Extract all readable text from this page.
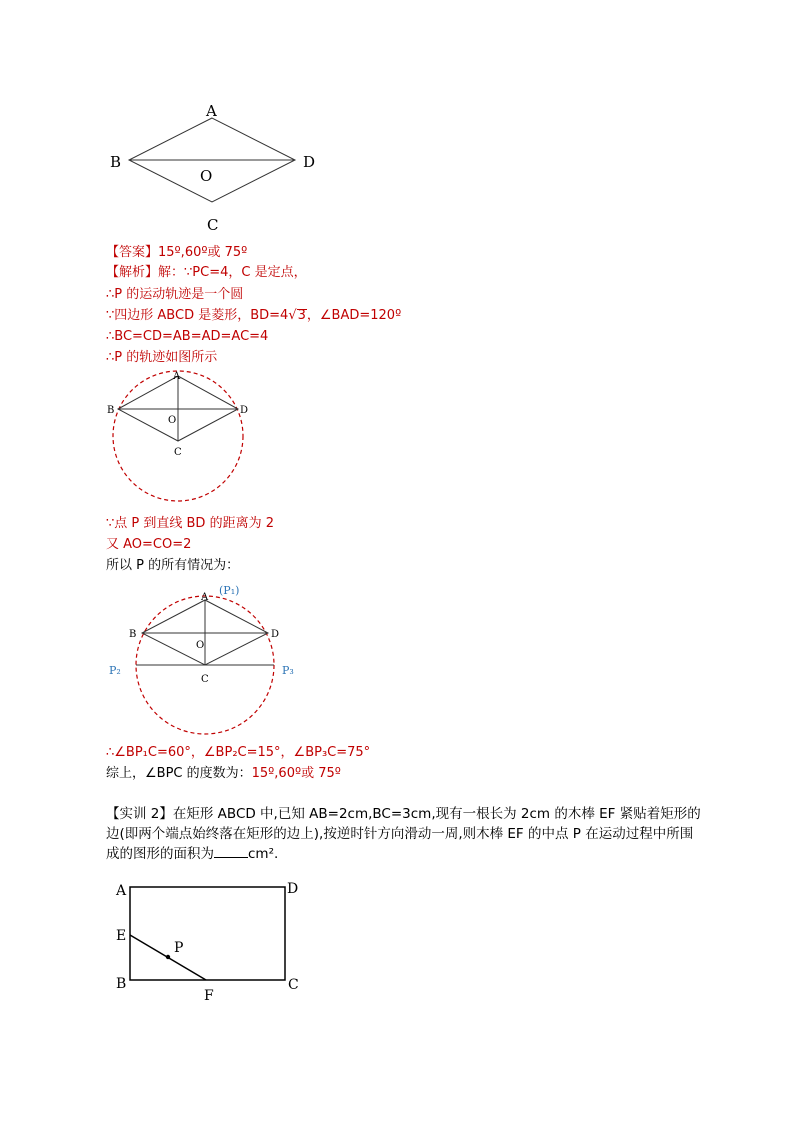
A
B	D
O
C
【答案】15º,60º或 75º
【解析】解：∵PC=4，C 是定点，
∴P 的运动轨迹是一个圆
∵四边形 ABCD 是菱形，BD=4√3，∠BAD=120º
∴BC=CD=AB=AD=AC=4
∴P 的轨迹如图所示
A
B	D
O
C
∵点 P 到直线 BD 的距离为 2
又 AO=CO=2
所以 P 的所有情况为：
A
(P₁)
B	D
O
P₂	P₃
C
∴∠BP₁C=60°，∠BP₂C=15°，∠BP₃C=75°
综上，∠BPC 的度数为：15º,60º或 75º
【实训 2】在矩形 ABCD 中,已知 AB=2cm,BC=3cm,现有一根长为 2cm 的木棒 EF 紧贴着矩形的边(即两个端点始终落在矩形的边上),按逆时针方向滑动一周,则木棒 EF 的中点 P 在运动过程中所围成的图形的面积为	cm².
A	D
E
P
B	C
F
